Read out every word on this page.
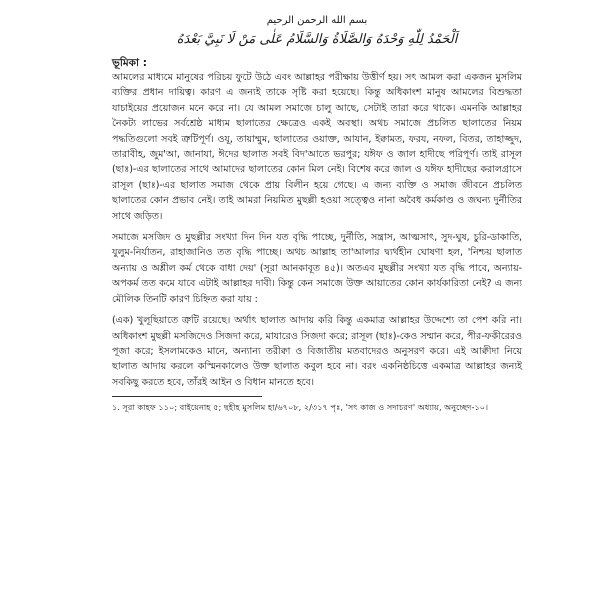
بسم الله الرحمن الرحيم
اَلْحَمْدُ لِلّٰهِ وَحْدَهُ وَالصَّلَاةُ وَالسَّلَامُ عَلٰى مَنْ لَا نَبِيَّ بَعْدَهُ
ভূমিকা :

আমলের মাধ্যমে মানুষের পরিচয় ফুটে উঠে এবং আল্লাহর পরীক্ষায় উত্তীর্ণ হয়। সৎ আমল করা একজন মুসলিম ব্যক্তির প্রধান দায়িত্ব। কারণ এ জন্যই তাকে সৃষ্টি করা হয়েছে। কিন্তু অধিকাংশ মানুষ আমলের বিশুদ্ধতা যাচাইয়ের প্রয়োজন মনে করে না। যে আমল সমাজে চালু আছে, সেটাই তারা করে থাকে। এমনকি আল্লাহর নৈকট্য লাভের সর্বশ্রেষ্ঠ মাধ্যম ছালাতের ক্ষেত্রেও একই অবস্থা। অথচ সমাজে প্রচলিত ছালাতের নিয়ম পদ্ধতিগুলো সবই ত্রুটিপূর্ণ। ওযূ, তায়াম্মুম, ছালাতের ওয়াক্ত, আযান, ইক্বামত, ফরয, নফল, বিতর, তাহাজ্জুদ, তারাবীহ, জুম'আ, জানাযা, ঈদের ছালাত সবই বিদ'আতে ভরপুর; যঈফ ও জাল হাদীছে পরিপূর্ণ। তাই রাসূল (ছাঃ)-এর ছালাতের সাথে আমাদের ছালাতের কোন মিল নেই। বিশেষ করে জাল ও যঈফ হাদীছের করালগ্রাসে রাসূল (ছাঃ)-এর ছালাত সমাজ থেকে প্রায় বিলীন হয়ে গেছে। এ জন্য ব্যক্তি ও সমাজ জীবনে প্রচলিত ছালাতের কোন প্রভাব নেই। তাই আমরা নিয়মিত মুছল্লী হওয়া সত্ত্বেও নানা অবৈধ কর্মকাণ্ড ও জঘন্য দুর্নীতির সাথে জড়িত।

সমাজে মসজিদ ও মুছল্লীর সংখ্যা দিন দিন যত বৃদ্ধি পাচ্ছে, দুর্নীতি, সন্ত্রাস, আত্মসাৎ, সুদ-ঘুষ, চুরি-ডাকাতি, যুলুম-নির্যাতন, রাহাজানিও তত বৃদ্ধি পাচ্ছে। অথচ আল্লাহ তা'আলার দ্ব্যর্থহীন ঘোষণা হল, 'নিশ্চয় ছালাত অন্যায় ও অশ্লীল কর্ম থেকে বাধা দেয়' (সূরা আনকাবূত ৪৫)। অতএব মুছল্লীর সংখ্যা যত বৃদ্ধি পাবে, অন্যায়-অপকর্ম তত কমে যাবে এটাই আল্লাহর দাবী। কিন্তু কেন সমাজে উক্ত আয়াতের কোন কার্যকারিতা নেই? এ জন্য মৌলিক তিনটি কারণ চিহ্নিত করা যায় :

(এক) খুলূছিয়াতে ত্রুটি রয়েছে। অর্থাৎ ছালাত আদায় করি কিন্তু একমাত্র আল্লাহর উদ্দেশ্যে তা পেশ করি না। অধিকাংশ মুছল্লী মসজিদেও সিজদা করে, মাযারেও সিজদা করে; রাসূল (ছাঃ)-কেও সম্মান করে, পীর-ফকীরেরও পূজা করে; ইসলামকেও মানে, অন্যান্য তরীক্বা ও বিজাতীয় মতবাদেরও অনুসরণ করে। এই আক্বীদা নিয়ে ছালাত আদায় করলে কস্মিনকালেও উক্ত ছালাত কবুল হবে না। বরং একনিষ্ঠচিত্তে একমাত্র আল্লাহর জন্যই সবকিছু করতে হবে, তাঁরই আইন ও বিধান মানতে হবে।

১. সূরা কাহফ ১১০; বাইয়েনাহ ৫; ছহীহ মুসলিম হা/৬৭০৮, ২/৩১৭ পৃঃ, 'সৎ কাজ ও সদাচরণ' অধ্যায়, অনুচ্ছেদ-১০।
